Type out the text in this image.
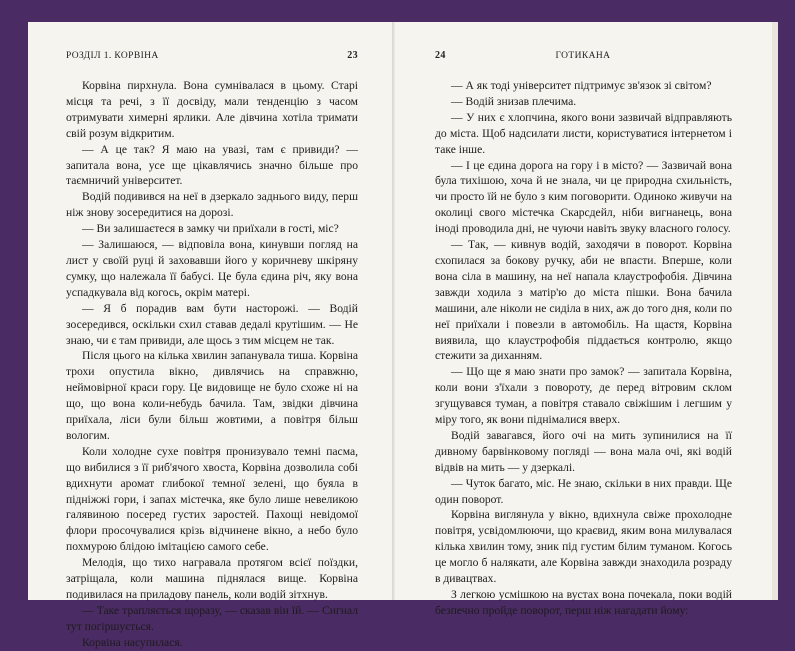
РОЗДІЛ 1. КОРВІНА	23

Корвіна пирхнула. Вона сумнівалася в цьому. Старі місця та речі, з її досвіду, мали тенденцію з часом отримувати химерні ярлики. Але дівчина хотіла тримати свій розум відкритим.

— А це так? Я маю на увазі, там є привиди? — запитала вона, усе ще цікавлячись значно більше про таємничий університет.

Водій подивився на неї в дзеркало заднього виду, перш ніж знову зосередитися на дорозі.

— Ви залишаєтеся в замку чи приїхали в гості, міс?

— Залишаюся, — відповіла вона, кинувши погляд на лист у своїй руці й заховавши його у коричневу шкіряну сумку, що належала її бабусі. Це була єдина річ, яку вона успадкувала від когось, окрім матері.

— Я б порадив вам бути насторожі. — Водій зосередився, оскільки схил ставав дедалі крутішим. — Не знаю, чи є там привиди, але щось з тим місцем не так.

Після цього на кілька хвилин запанувала тиша. Корвіна трохи опустила вікно, дивлячись на справжню, неймовірної краси гору. Це видовище не було схоже ні на що, що вона коли-небудь бачила. Там, звідки дівчина приїхала, ліси були більш жовтими, а повітря більш вологим.

Коли холодне сухе повітря пронизувало темні пасма, що вибилися з її риб'ячого хвоста, Корвіна дозволила собі вдихнути аромат глибокої темної зелені, що буяла в підніжжі гори, і запах містечка, яке було лише невеликою галявиною посеред густих заростей. Пахощі невідомої флори просочувалися крізь відчинене вікно, а небо було похмурою блідою імітацією самого себе.

Мелодія, що тихо награвала протягом всієї поїздки, затріщала, коли машина піднялася вище. Корвіна подивилася на приладову панель, коли водій зітхнув.

— Таке трапляється щоразу, — сказав він їй. — Сигнал тут погіршується.

Корвіна насупилася.

24	ГОТИКАНА

— А як тоді університет підтримує зв'язок зі світом?

— Водій знизав плечима.

— У них є хлопчина, якого вони зазвичай відправляють до міста. Щоб надсилати листи, користуватися інтернетом і таке інше.

— І це єдина дорога на гору і в місто? — Зазвичай вона була тихішою, хоча й не знала, чи це природна схильність, чи просто їй не було з ким поговорити. Одиноко живучи на околиці свого містечка Скарсдейл, ніби вигнанець, вона іноді проводила дні, не чуючи навіть звуку власного голосу.

— Так, — кивнув водій, заходячи в поворот. Корвіна схопилася за бокову ручку, аби не впасти. Вперше, коли вона сіла в машину, на неї напала клаустрофобія. Дівчина завжди ходила з матір'ю до міста пішки. Вона бачила машини, але ніколи не сиділа в них, аж до того дня, коли по неї приїхали і повезли в автомобіль. На щастя, Корвіна виявила, що клаустрофобія піддається контролю, якщо стежити за диханням.

— Що ще я маю знати про замок? — запитала Корвіна, коли вони з'їхали з повороту, де перед вітровим склом згущувався туман, а повітря ставало свіжішим і легшим у міру того, як вони піднімалися вверх.

Водій завагався, його очі на мить зупинилися на її дивному барвінковому погляді — вона мала очі, які водій відвів на мить — у дзеркалі.

— Чуток багато, міс. Не знаю, скільки в них правди. Ще один поворот.

Корвіна виглянула у вікно, вдихнула свіже прохолодне повітря, усвідомлюючи, що краєвид, яким вона милувалася кілька хвилин тому, зник під густим білим туманом. Когось це могло б налякати, але Корвіна завжди знаходила розраду в дивацтвах.

З легкою усмішкою на вустах вона почекала, поки водій безпечно пройде поворот, перш ніж нагадати йому:
